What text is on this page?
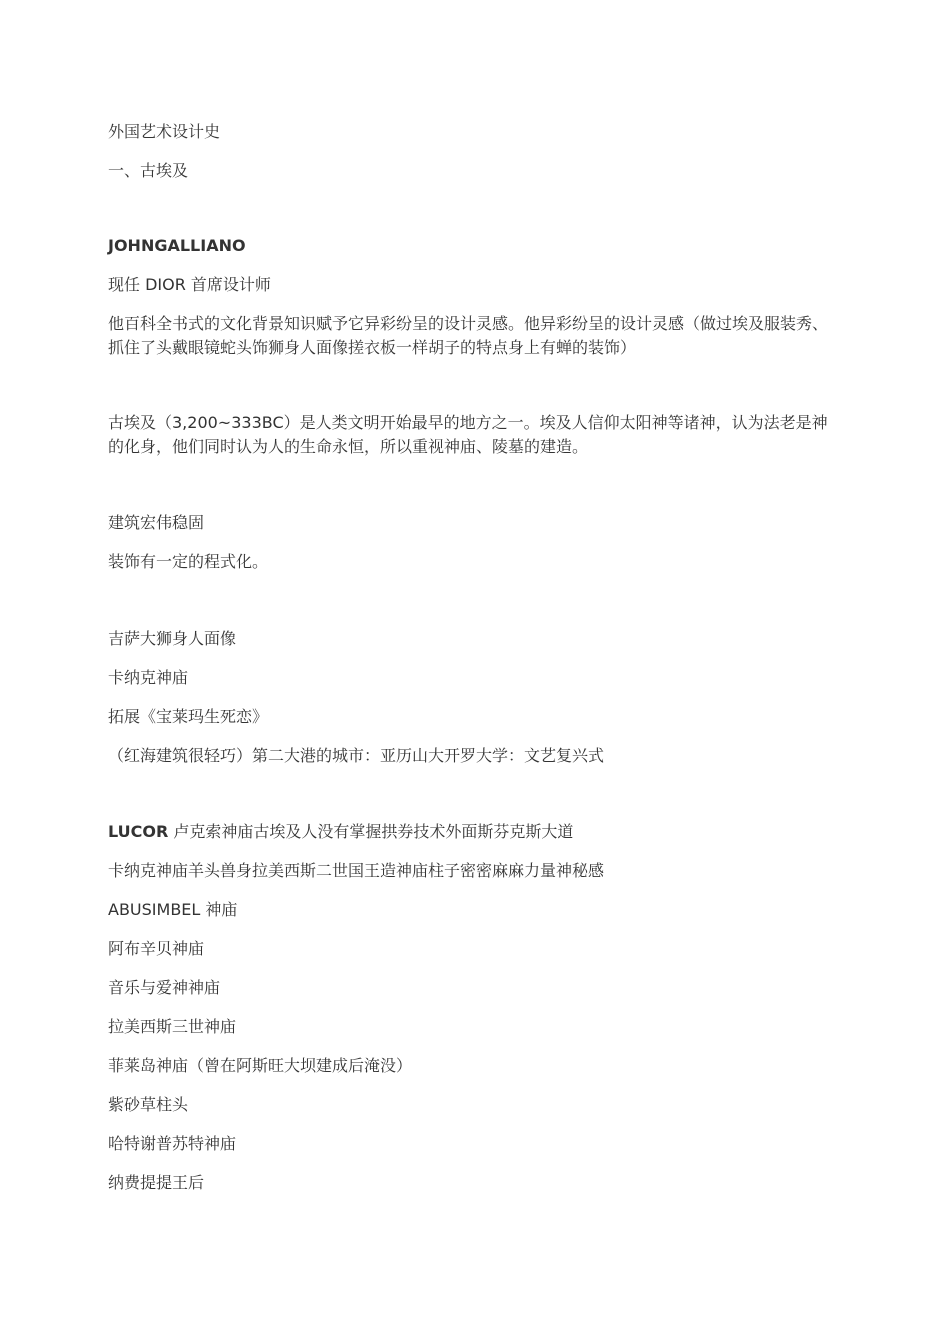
外国艺术设计史
一、古埃及
JOHNGALLIANO
现任 DIOR 首席设计师
他百科全书式的文化背景知识赋予它异彩纷呈的设计灵感。他异彩纷呈的设计灵感（做过埃及服装秀、抓住了头戴眼镜蛇头饰狮身人面像搓衣板一样胡子的特点身上有蝉的装饰）
古埃及（3,200~333BC）是人类文明开始最早的地方之一。埃及人信仰太阳神等诸神，认为法老是神的化身，他们同时认为人的生命永恒，所以重视神庙、陵墓的建造。
建筑宏伟稳固
装饰有一定的程式化。
吉萨大狮身人面像
卡纳克神庙
拓展《宝莱玛生死恋》
（红海建筑很轻巧）第二大港的城市：亚历山大开罗大学：文艺复兴式
LUCOR 卢克索神庙古埃及人没有掌握拱券技术外面斯芬克斯大道
卡纳克神庙羊头兽身拉美西斯二世国王造神庙柱子密密麻麻力量神秘感
ABUSIMBEL 神庙
阿布辛贝神庙
音乐与爱神神庙
拉美西斯三世神庙
菲莱岛神庙（曾在阿斯旺大坝建成后淹没）
紫砂草柱头
哈特谢普苏特神庙
纳费提提王后
